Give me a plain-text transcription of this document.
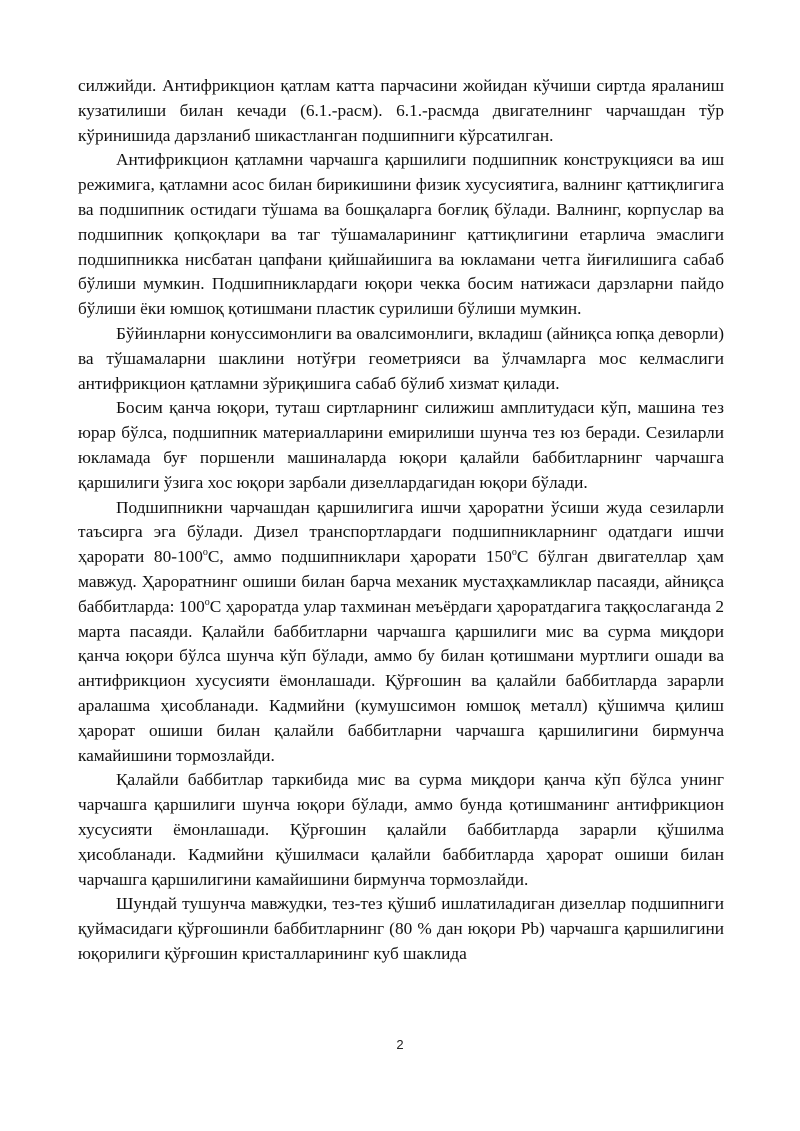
силжийди. Антифрикцион қатлам катта парчасини жойидан кўчиши сиртда яраланиш кузатилиши билан кечади (6.1.-расм). 6.1.-расмда двигателнинг чарчашдан тўр кўринишида дарзланиб шикастланган подшипниги кўрсатилган.

Антифрикцион қатламни чарчашга қаршилиги подшипник конструкцияси ва иш режимига, қатламни асос билан бирикишини физик хусусиятига, валнинг қаттиқлигига ва подшипник остидаги тўшама ва бошқаларга боғлиқ бўлади. Валнинг, корпуслар ва подшипник қопқоқлари ва таг тўшамаларининг қаттиқлигини етарлича эмаслиги подшипникка нисбатан цапфани қийшайишига ва юкламани четга йиғилишига сабаб бўлиши мумкин. Подшипниклардаги юқори чекка босим натижаси дарзларни пайдо бўлиши ёки юмшоқ қотишмани пластик сурилиши бўлиши мумкин.

Бўйинларни конуссимонлиги ва овалсимонлиги, вкладиш (айниқса юпқа деворли) ва тўшамаларни шаклини нотўғри геометрияси ва ўлчамларга мос келмаслиги антифрикцион қатламни зўриқишига сабаб бўлиб хизмат қилади.

Босим қанча юқори, туташ сиртларнинг силижиш амплитудаси кўп, машина тез юрар бўлса, подшипник материалларини емирилиши шунча тез юз беради. Сезиларли юкламада буғ поршенли машиналарда юқори қалайли баббитларнинг чарчашга қаршилиги ўзига хос юқори зарбали дизеллардагидан юқори бўлади.

Подшипникни чарчашдан қаршилигига ишчи ҳароратни ўсиши жуда сезиларли таъсирга эга бўлади. Дизел транспортлардаги подшипникларнинг одатдаги ишчи ҳарорати 80-100$^o$С, аммо подшипниклари ҳарорати 150$^o$С бўлган двигателлар ҳам мавжуд. Ҳароратнинг ошиши билан барча механик мустаҳкамликлар пасаяди, айниқса баббитларда: 100$^o$С ҳароратда улар тахминан меъёрдаги ҳароратдагига таққослаганда 2 марта пасаяди. Қалайли баббитларни чарчашга қаршилиги мис ва сурма миқдори қанча юқори бўлса шунча кўп бўлади, аммо бу билан қотишмани муртлиги ошади ва антифрикцион хусусияти ёмонлашади. Қўрғошин ва қалайли баббитларда зарарли аралашма ҳисобланади. Кадмийни (кумушсимон юмшоқ металл) қўшимча қилиш ҳарорат ошиши билан қалайли баббитларни чарчашга қаршилигини бирмунча камайишини тормозлайди.

Қалайли баббитлар таркибида мис ва сурма миқдори қанча кўп бўлса унинг чарчашга қаршилиги шунча юқори бўлади, аммо бунда қотишманинг антифрикцион хусусияти ёмонлашади. Қўрғошин қалайли баббитларда зарарли қўшилма ҳисобланади. Кадмийни қўшилмаси қалайли баббитларда ҳарорат ошиши билан чарчашга қаршилигини камайишини бирмунча тормозлайди.

Шундай тушунча мавжудки, тез-тез қўшиб ишлатиладиган дизеллар подшипниги қуймасидаги қўрғошинли баббитларнинг (80 % дан юқори Pb) чарчашга қаршилигини юқорилиги қўрғошин кристалларининг куб шаклида

2
